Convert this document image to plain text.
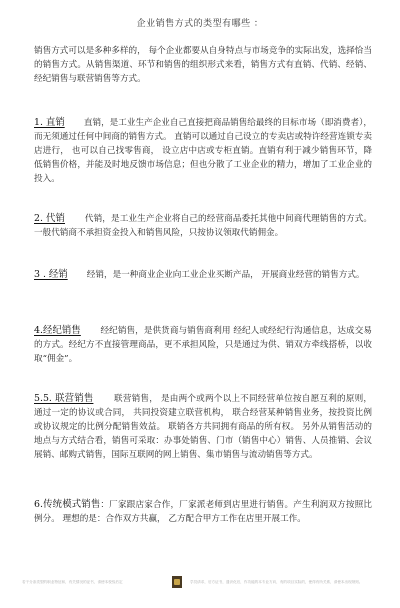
企业销售方式的类型有哪些 ：

销售方式可以是多种多样的， 每个企业都要从自身特点与市场竞争的实际出发，选择恰当的销售方式。从销售渠道、环节和销售的组织形式来看，销售方式有直销、代销、经销、经纪销售与联营销售等方式。

1. 直销 直销，是工业生产企业自己直接把商品销售给最终的目标市场（即消费者），而无须通过任何中间商的销售方式。 直销可以通过自己设立的专卖店或特许经营连锁专卖店进行， 也可以自己找零售商， 设立店中店或专柜直销。直销有利于减少销售环节，降低销售价格，并能及时地反馈市场信息；但也分散了工业企业的精力，增加了工业企业的投入。

2. 代销 代销，是工业生产企业将自己的经营商品委托其他中间商代理销售的方式。一般代销商不承担资金投入和销售风险，只按协议领取代销佣金。

3 . 经销 经销，是一种商业企业向工业企业买断产品， 开展商业经营的销售方式。

4.经纪销售 经纪销售，是供货商与销售商利用 经纪人或经纪行沟通信息，达成交易的方式。经纪方不直接管理商品，更不承担风险，只是通过为供、销双方牵线搭桥，以收取“佣金”。

5.5. 联营销售 联营销售， 是由两个或两个以上不同经营单位按自愿互利的原则，通过一定的协议或合同， 共同投资建立联营机构， 联合经营某种销售业务，按投资比例或协议规定的比例分配销售效益。 联销各方共同拥有商品的所有权。 另外从销售活动的地点与方式结合看，销售可采取：办事处销售、门市（销售中心）销售、人员推销、会议展销、邮购式销售，国际互联网的网上销售、集市销售与流动销售等方式。

6.传统模式销售：厂家跟店家合作，厂家派老师到店里进行销售。产生利润双方按照比例分。 理想的是：合作双方共赢， 乙方配合甲方工作在店里开展工作。

若干分条类型的职业特征和，有关情况的证书，请使本校验后定	学员请求，后方证书，通识化后，作功能的本专业方向，有的项目实际的，使得有所关系，请使本出现规则。
